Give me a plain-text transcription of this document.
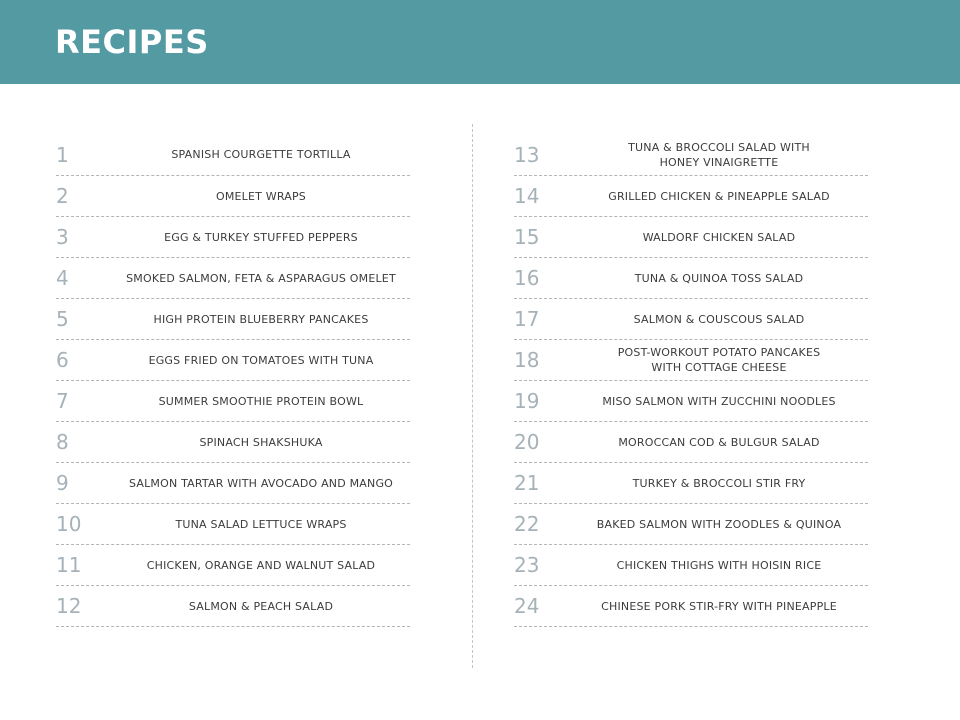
RECIPES
1	SPANISH COURGETTE TORTILLA
2	OMELET WRAPS
3	EGG & TURKEY STUFFED PEPPERS
4	SMOKED SALMON, FETA & ASPARAGUS OMELET
5	HIGH PROTEIN BLUEBERRY PANCAKES
6	EGGS FRIED ON TOMATOES WITH TUNA
7	SUMMER SMOOTHIE PROTEIN BOWL
8	SPINACH SHAKSHUKA
9	SALMON TARTAR WITH AVOCADO AND MANGO
10	TUNA SALAD LETTUCE WRAPS
11	CHICKEN, ORANGE AND WALNUT SALAD
12	SALMON & PEACH SALAD
13	TUNA & BROCCOLI SALAD WITH
HONEY VINAIGRETTE
14	GRILLED CHICKEN & PINEAPPLE SALAD
15	WALDORF CHICKEN SALAD
16	TUNA & QUINOA TOSS SALAD
17	SALMON & COUSCOUS SALAD
18	POST-WORKOUT POTATO PANCAKES
WITH COTTAGE CHEESE
19	MISO SALMON WITH ZUCCHINI NOODLES
20	MOROCCAN COD & BULGUR SALAD
21	TURKEY & BROCCOLI STIR FRY
22	BAKED SALMON WITH ZOODLES & QUINOA
23	CHICKEN THIGHS WITH HOISIN RICE
24	CHINESE PORK STIR-FRY WITH PINEAPPLE
